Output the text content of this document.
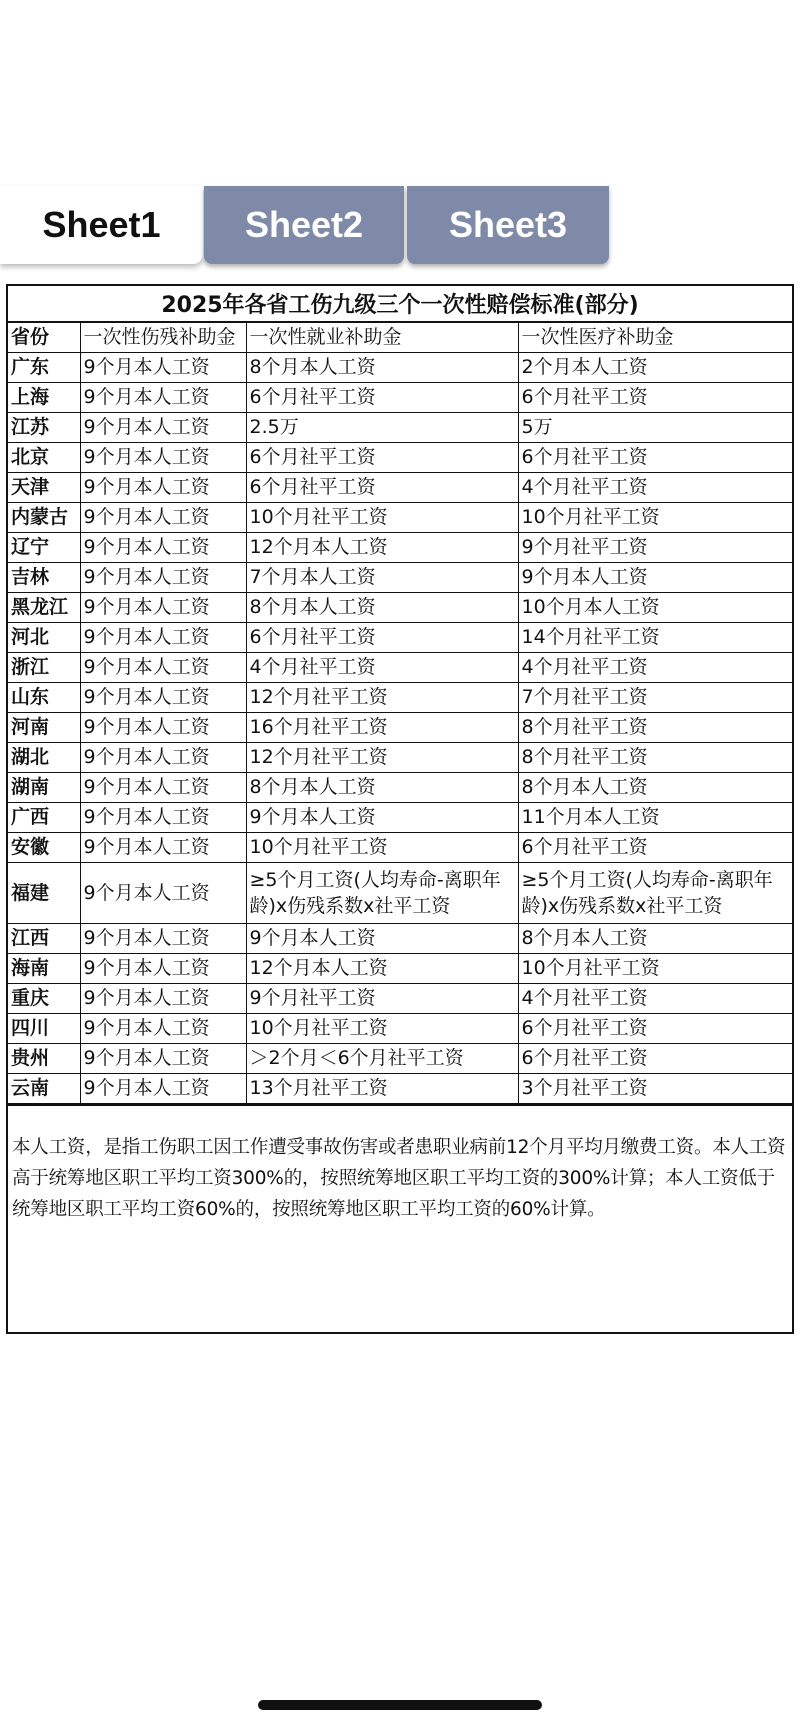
Sheet1	Sheet2	Sheet3
2025年各省工伤九级三个一次性赔偿标准(部分)
省份	一次性伤残补助金	一次性就业补助金	一次性医疗补助金
广东	9个月本人工资	8个月本人工资	2个月本人工资
上海	9个月本人工资	6个月社平工资	6个月社平工资
江苏	9个月本人工资	2.5万	5万
北京	9个月本人工资	6个月社平工资	6个月社平工资
天津	9个月本人工资	6个月社平工资	4个月社平工资
内蒙古	9个月本人工资	10个月社平工资	10个月社平工资
辽宁	9个月本人工资	12个月本人工资	9个月社平工资
吉林	9个月本人工资	7个月本人工资	9个月本人工资
黑龙江	9个月本人工资	8个月本人工资	10个月本人工资
河北	9个月本人工资	6个月社平工资	14个月社平工资
浙江	9个月本人工资	4个月社平工资	4个月社平工资
山东	9个月本人工资	12个月社平工资	7个月社平工资
河南	9个月本人工资	16个月社平工资	8个月社平工资
湖北	9个月本人工资	12个月社平工资	8个月社平工资
湖南	9个月本人工资	8个月本人工资	8个月本人工资
广西	9个月本人工资	9个月本人工资	11个月本人工资
安徽	9个月本人工资	10个月社平工资	6个月社平工资
福建	9个月本人工资	≥5个月工资(人均寿命-离职年龄)x伤残系数x社平工资	≥5个月工资(人均寿命-离职年龄)x伤残系数x社平工资
江西	9个月本人工资	9个月本人工资	8个月本人工资
海南	9个月本人工资	12个月本人工资	10个月社平工资
重庆	9个月本人工资	9个月社平工资	4个月社平工资
四川	9个月本人工资	10个月社平工资	6个月社平工资
贵州	9个月本人工资	＞2个月＜6个月社平工资	6个月社平工资
云南	9个月本人工资	13个月社平工资	3个月社平工资
本人工资，是指工伤职工因工作遭受事故伤害或者患职业病前12个月平均月缴费工资。本人工资高于统筹地区职工平均工资300%的，按照统筹地区职工平均工资的300%计算；本人工资低于统筹地区职工平均工资60%的，按照统筹地区职工平均工资的60%计算。
